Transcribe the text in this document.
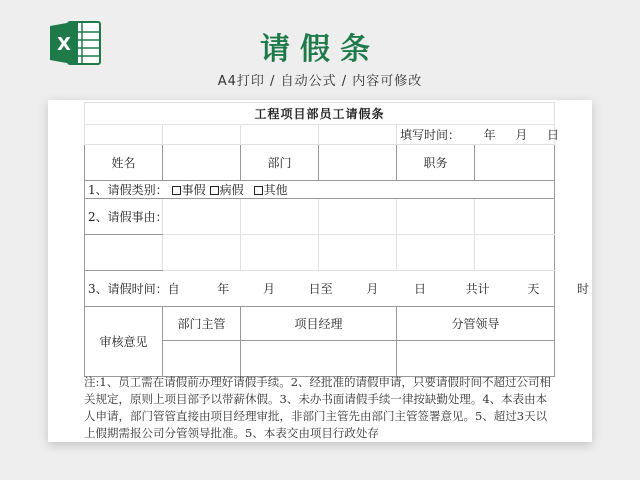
X	请假条
A4打印 / 自动公式 / 内容可修改
工程项目部员工请假条					
				填写时间： 年 月 日	
姓名		部门		职务	
1、请假类别： 事假 病假 其他					
2、请假事由：					

3、请假时间：自 年 月 日至 月 日 共计 天 时					
审核意见	部门主管	项目经理		分管领导	

注:1、员工需在请假前办理好请假手续。2、经批准的请假申请，只要请假时间不超过公司相关规定，原则上项目部予以带薪休假。3、未办书面请假手续一律按缺勤处理。4、本表由本人申请，部门管管直接由项目经理审批，非部门主管先由部门主管签署意见。5、超过3天以上假期需报公司分管领导批准。5、本表交由项目行政处存
